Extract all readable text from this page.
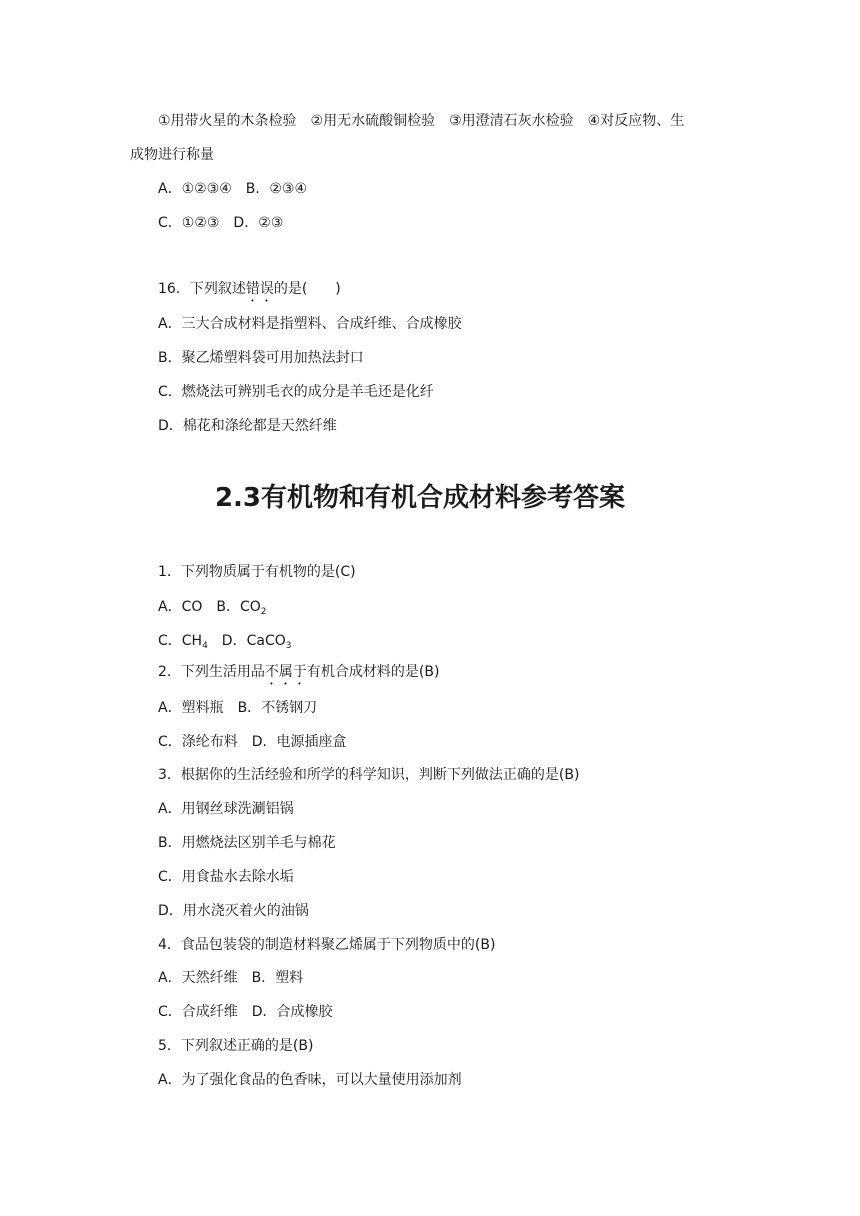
①用带火星的木条检验　②用无水硫酸铜检验　③用澄清石灰水检验　④对反应物、生
成物进行称量
A．①②③④　B．②③④
C．①②③　D．②③
16．下列叙述错误的是(　　)
A．三大合成材料是指塑料、合成纤维、合成橡胶
B．聚乙烯塑料袋可用加热法封口
C．燃烧法可辨别毛衣的成分是羊毛还是化纤
D．棉花和涤纶都是天然纤维
2.3有机物和有机合成材料参考答案
1．下列物质属于有机物的是(C)
A．CO　B．$CO_2$
C．$CH_4$　D．CaCO$_3$
2．下列生活用品不属于有机合成材料的是(B)
A．塑料瓶　B．不锈钢刀
C．涤纶布料　D．电源插座盒
3．根据你的生活经验和所学的科学知识，判断下列做法正确的是(B)
A．用钢丝球洗涮铝锅
B．用燃烧法区别羊毛与棉花
C．用食盐水去除水垢
D．用水浇灭着火的油锅
4．食品包装袋的制造材料聚乙烯属于下列物质中的(B)
A．天然纤维　B．塑料
C．合成纤维　D．合成橡胶
5．下列叙述正确的是(B)
A．为了强化食品的色香味，可以大量使用添加剂
